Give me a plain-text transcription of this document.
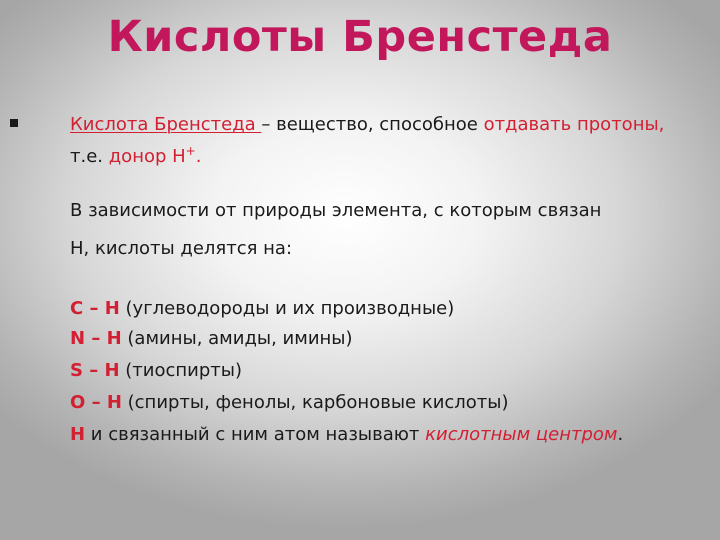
Кислоты Бренстеда
Кислота Бренстеда – вещество, способное отдавать протоны,
т.е. донор Н+.
В зависимости от природы элемента, с которым связан
Н, кислоты делятся на:
С – Н (углеводороды и их производные)
N – H (амины, амиды, имины)
S – H (тиоспирты)
O – H (спирты, фенолы, карбоновые кислоты)
Н и связанный с ним атом называют кислотным центром.
